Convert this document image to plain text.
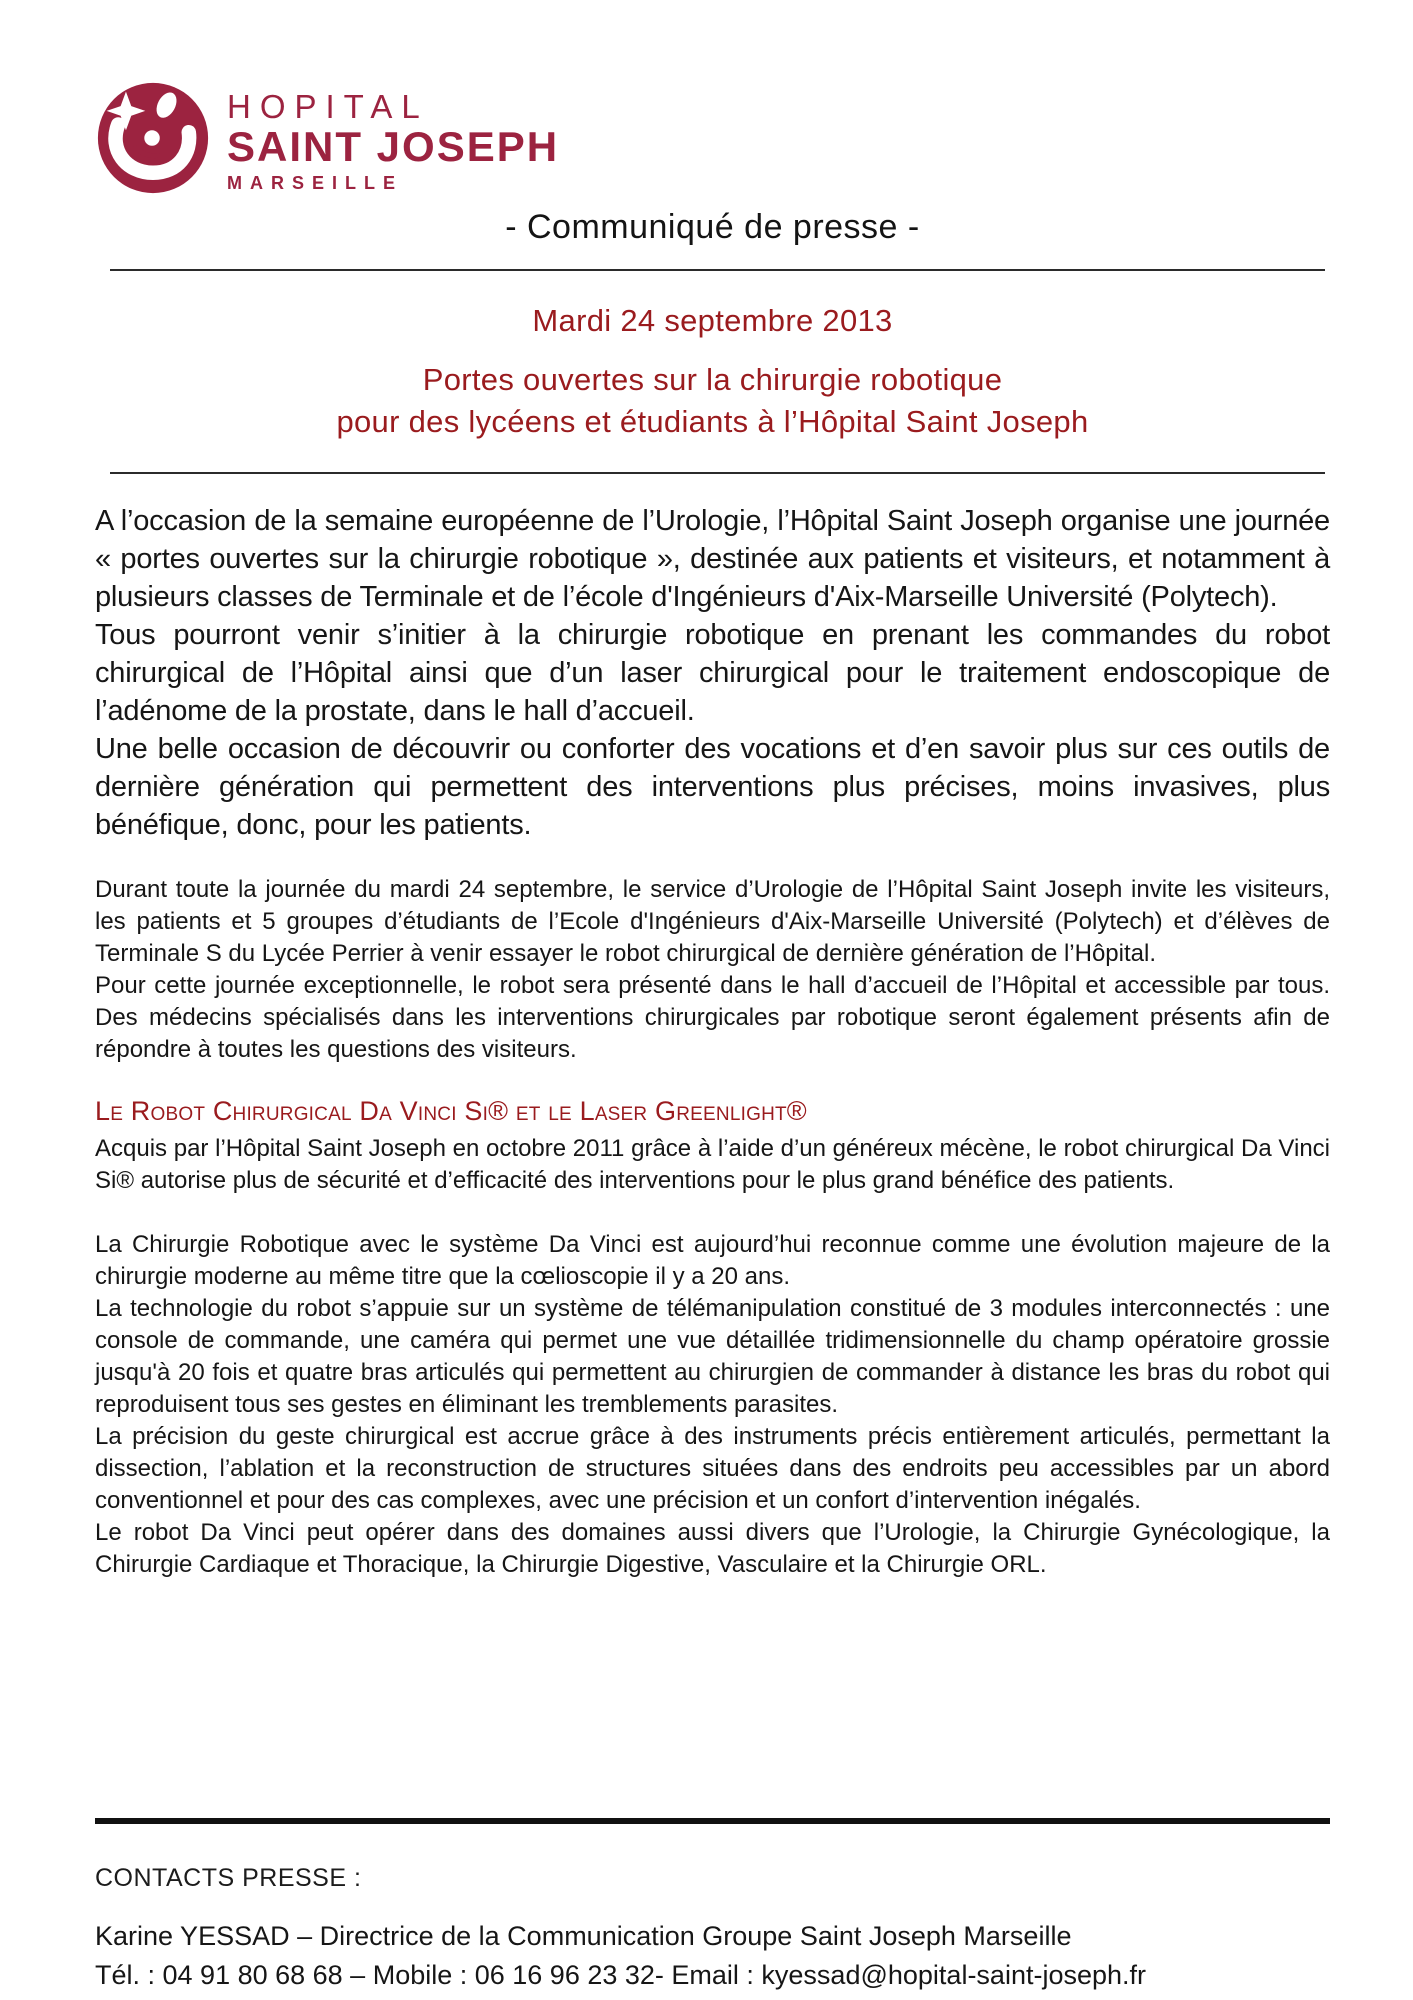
HOPITAL
SAINT JOSEPH
MARSEILLE
- Communiqué de presse -
Mardi 24 septembre 2013
Portes ouvertes sur la chirurgie robotique
pour des lycéens et étudiants à l’Hôpital Saint Joseph

A l’occasion de la semaine européenne de l’Urologie, l’Hôpital Saint Joseph organise une journée « portes ouvertes sur la chirurgie robotique », destinée aux patients et visiteurs, et notamment à plusieurs classes de Terminale et de l’école d'Ingénieurs d'Aix-Marseille Université (Polytech).

Tous pourront venir s’initier à la chirurgie robotique en prenant les commandes du robot chirurgical de l’Hôpital ainsi que d’un laser chirurgical pour le traitement endoscopique de l’adénome de la prostate, dans le hall d’accueil.

Une belle occasion de découvrir ou conforter des vocations et d’en savoir plus sur ces outils de dernière génération qui permettent des interventions plus précises, moins invasives, plus bénéfique, donc, pour les patients.

Durant toute la journée du mardi 24 septembre, le service d’Urologie de l’Hôpital Saint Joseph invite les visiteurs, les patients et 5 groupes d’étudiants de l’Ecole d'Ingénieurs d'Aix-Marseille Université (Polytech) et d’élèves de Terminale S du Lycée Perrier à venir essayer le robot chirurgical de dernière génération de l’Hôpital.

Pour cette journée exceptionnelle, le robot sera présenté dans le hall d’accueil de l’Hôpital et accessible par tous. Des médecins spécialisés dans les interventions chirurgicales par robotique seront également présents afin de répondre à toutes les questions des visiteurs.

Le Robot Chirurgical Da Vinci Si® et le Laser Greenlight®

Acquis par l’Hôpital Saint Joseph en octobre 2011 grâce à l’aide d’un généreux mécène, le robot chirurgical Da Vinci Si® autorise plus de sécurité et d’efficacité des interventions pour le plus grand bénéfice des patients.

La Chirurgie Robotique avec le système Da Vinci est aujourd’hui reconnue comme une évolution majeure de la chirurgie moderne au même titre que la cœlioscopie il y a 20 ans.

La technologie du robot s’appuie sur un système de télémanipulation constitué de 3 modules interconnectés : une console de commande, une caméra qui permet une vue détaillée tridimensionnelle du champ opératoire grossie jusqu'à 20 fois et quatre bras articulés qui permettent au chirurgien de commander à distance les bras du robot qui reproduisent tous ses gestes en éliminant les tremblements parasites.

La précision du geste chirurgical est accrue grâce à des instruments précis entièrement articulés, permettant la dissection, l’ablation et la reconstruction de structures situées dans des endroits peu accessibles par un abord conventionnel et pour des cas complexes, avec une précision et un confort d’intervention inégalés.

Le robot Da Vinci peut opérer dans des domaines aussi divers que l’Urologie, la Chirurgie Gynécologique, la Chirurgie Cardiaque et Thoracique, la Chirurgie Digestive, Vasculaire et la Chirurgie ORL.

CONTACTS PRESSE :
Karine YESSAD – Directrice de la Communication Groupe Saint Joseph Marseille
Tél. : 04 91 80 68 68 – Mobile : 06 16 96 23 32- Email : kyessad@hopital-saint-joseph.fr
